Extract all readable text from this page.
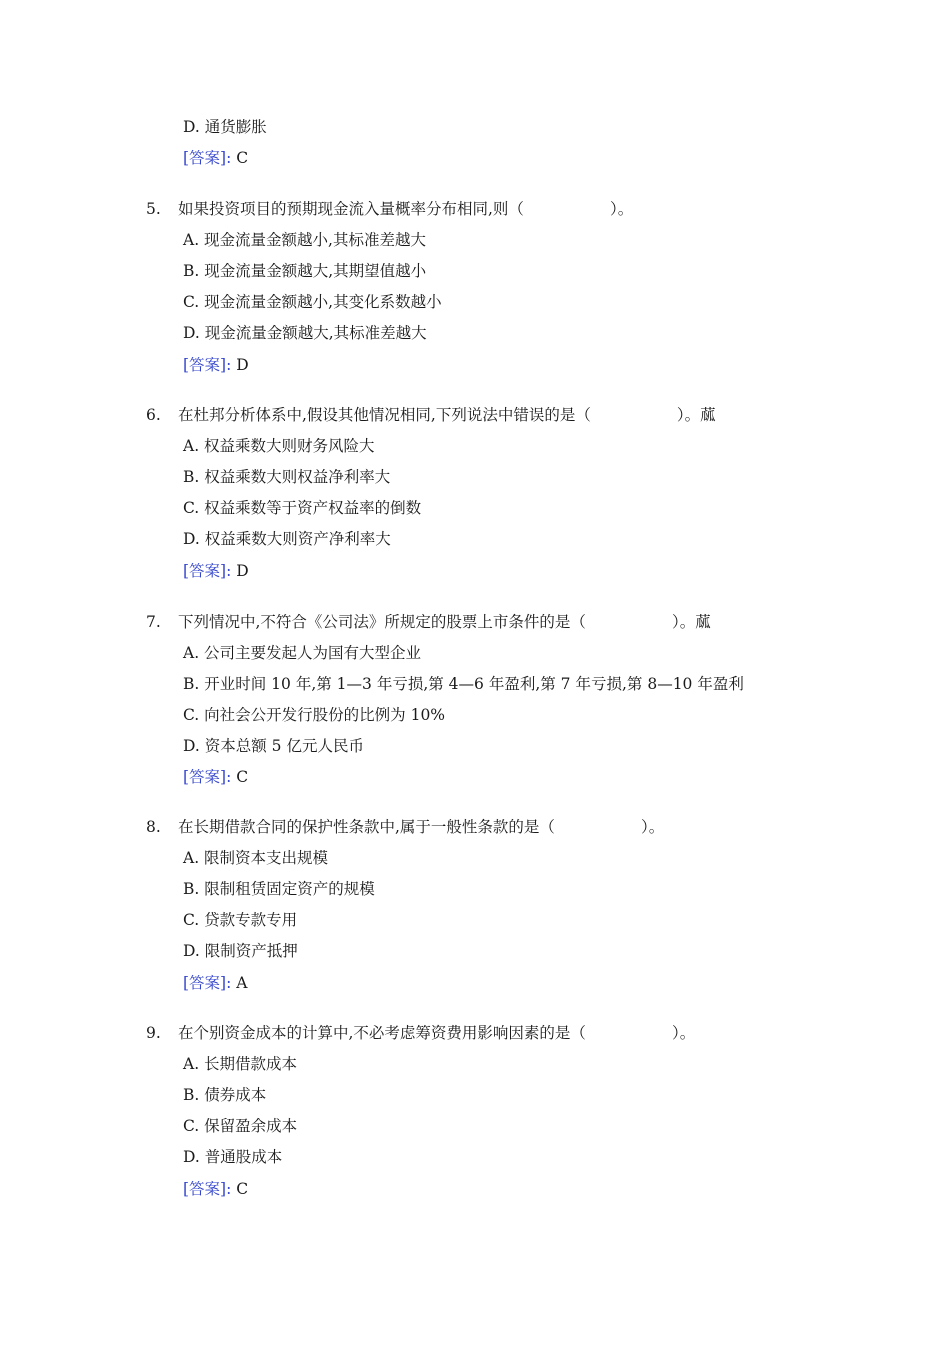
D. 通货膨胀
[答案]: C
5. 如果投资项目的预期现金流入量概率分布相同,则（	）。
A. 现金流量金额越小,其标准差越大
B. 现金流量金额越大,其期望值越小
C. 现金流量金额越小,其变化系数越小
D. 现金流量金额越大,其标准差越大
[答案]: D
6. 在杜邦分析体系中,假设其他情况相同,下列说法中错误的是（	）。蓏
A. 权益乘数大则财务风险大
B. 权益乘数大则权益净利率大
C. 权益乘数等于资产权益率的倒数
D. 权益乘数大则资产净利率大
[答案]: D
7. 下列情况中,不符合《公司法》所规定的股票上市条件的是（	）。蓏
A. 公司主要发起人为国有大型企业
B. 开业时间 10 年,第 1—3 年亏损,第 4—6 年盈利,第 7 年亏损,第 8—10 年盈利
C. 向社会公开发行股份的比例为 10%
D. 资本总额 5 亿元人民币
[答案]: C
8. 在长期借款合同的保护性条款中,属于一般性条款的是（	）。
A. 限制资本支出规模
B. 限制租赁固定资产的规模
C. 贷款专款专用
D. 限制资产抵押
[答案]: A
9. 在个别资金成本的计算中,不必考虑筹资费用影响因素的是（	）。
A. 长期借款成本
B. 债券成本
C. 保留盈余成本
D. 普通股成本
[答案]: C
